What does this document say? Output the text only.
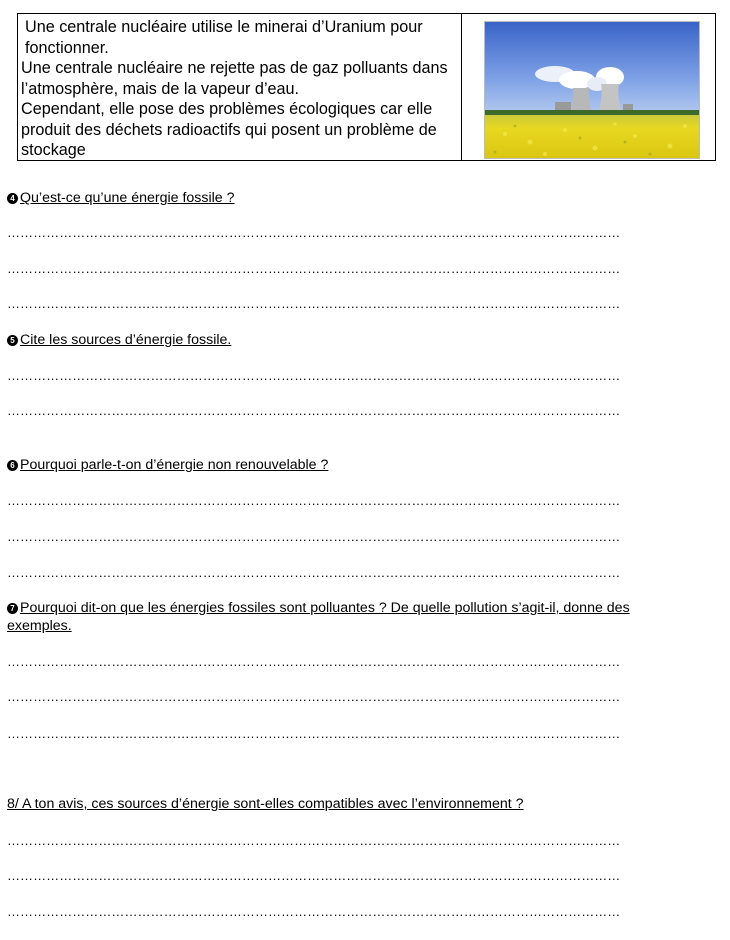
Une centrale nucléaire utilise le minerai d’Uranium pour fonctionner.

Une centrale nucléaire ne rejette pas de gaz polluants dans l’atmosphère, mais de la vapeur d’eau.

Cependant, elle pose des problèmes écologiques car elle produit des déchets radioactifs qui posent un problème de stockage

4 Qu’est-ce qu’une énergie fossile ?
……………………………………………………………………………………………………………………………
……………………………………………………………………………………………………………………………
……………………………………………………………………………………………………………………………
5 Cite les sources d’énergie fossile.
……………………………………………………………………………………………………………………………
……………………………………………………………………………………………………………………………
6 Pourquoi parle-t-on d’énergie non renouvelable ?
……………………………………………………………………………………………………………………………
……………………………………………………………………………………………………………………………
……………………………………………………………………………………………………………………………
7 Pourquoi dit-on que les énergies fossiles sont polluantes ? De quelle pollution s’agit-il, donne des exemples.
……………………………………………………………………………………………………………………………
……………………………………………………………………………………………………………………………
……………………………………………………………………………………………………………………………
8/ A ton avis, ces sources d’énergie sont-elles compatibles avec l’environnement ?
……………………………………………………………………………………………………………………………
……………………………………………………………………………………………………………………………
……………………………………………………………………………………………………………………………
